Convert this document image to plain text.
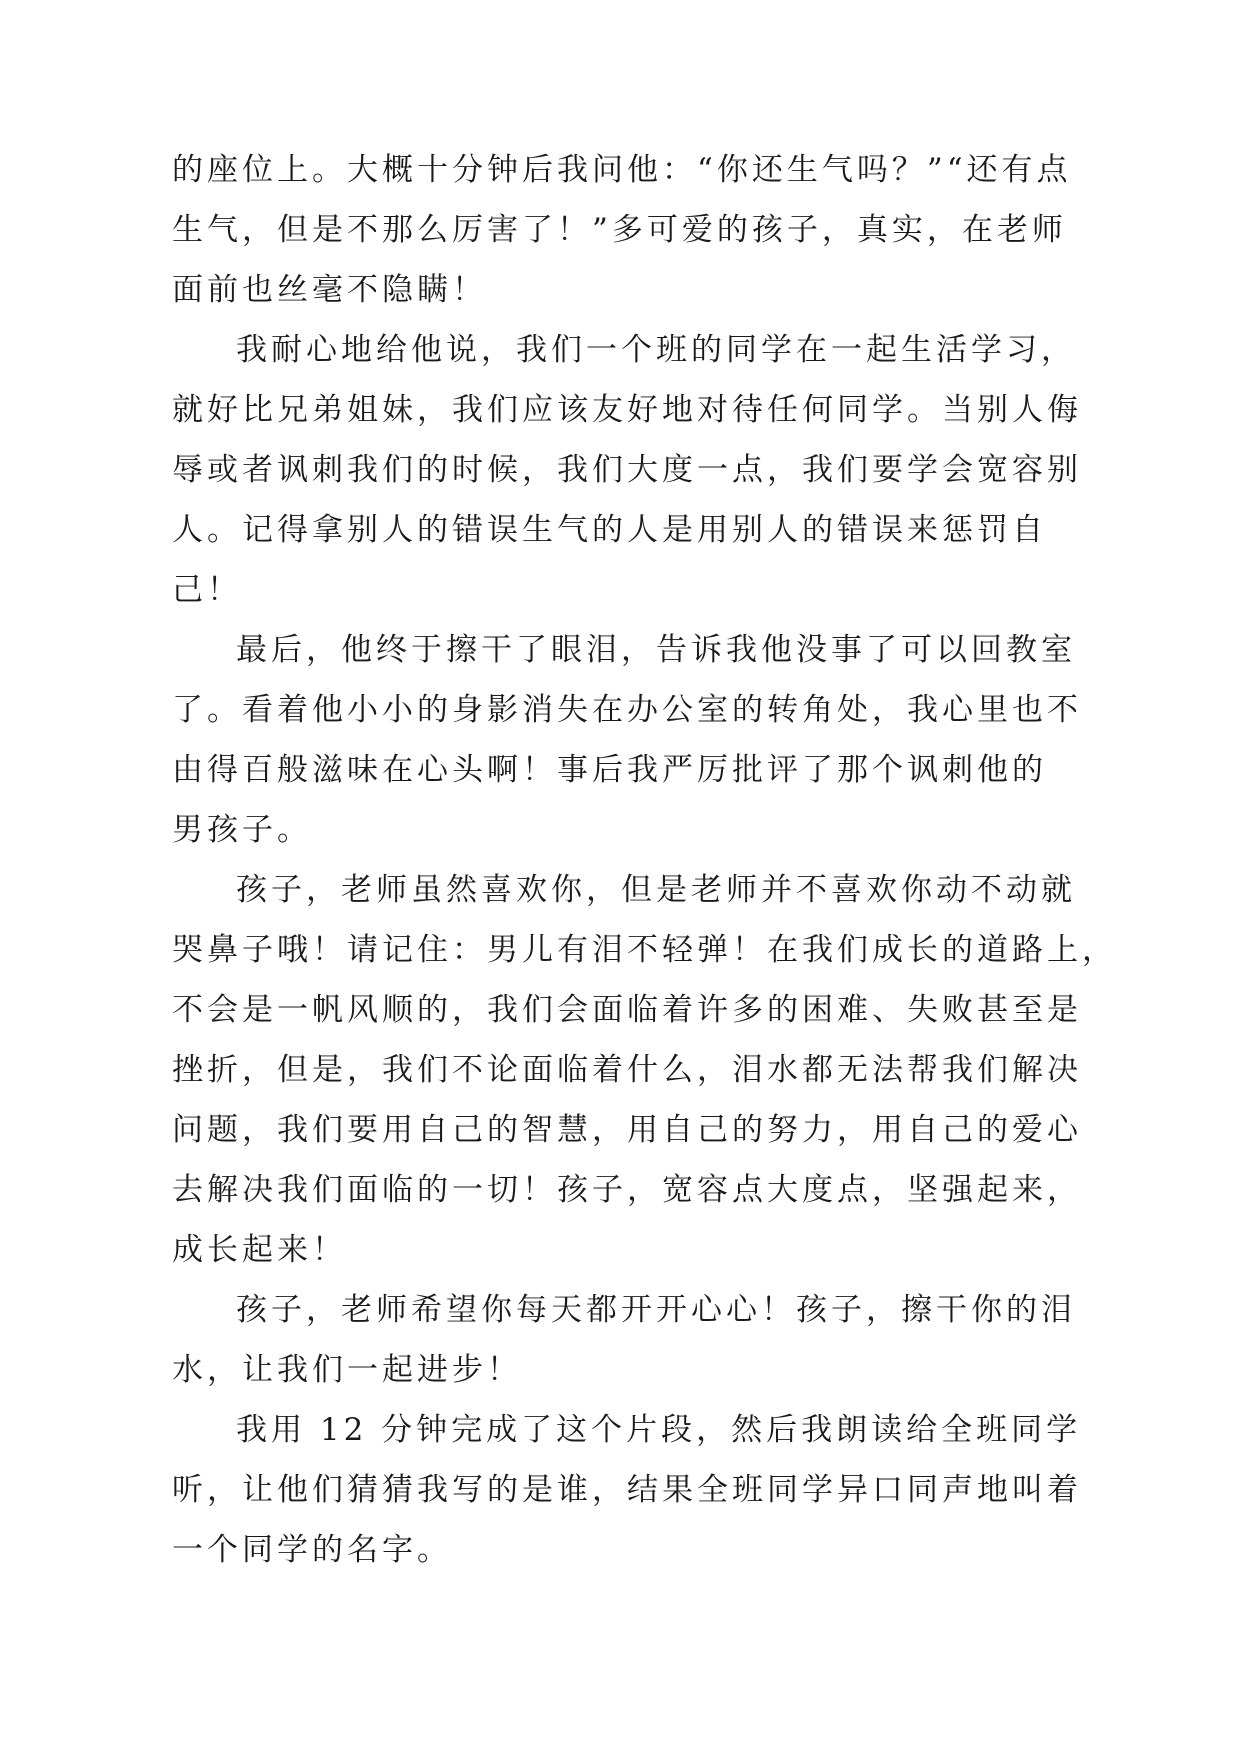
的座位上。大概十分钟后我问他：“你还生气吗？”“还有点
生气，但是不那么厉害了！”多可爱的孩子，真实，在老师
面前也丝毫不隐瞒！

我耐心地给他说，我们一个班的同学在一起生活学习，
就好比兄弟姐妹，我们应该友好地对待任何同学。当别人侮
辱或者讽刺我们的时候，我们大度一点，我们要学会宽容别
人。记得拿别人的错误生气的人是用别人的错误来惩罚自
己！

最后，他终于擦干了眼泪，告诉我他没事了可以回教室
了。看着他小小的身影消失在办公室的转角处，我心里也不
由得百般滋味在心头啊！事后我严厉批评了那个讽刺他的
男孩子。

孩子，老师虽然喜欢你，但是老师并不喜欢你动不动就
哭鼻子哦！请记住：男儿有泪不轻弹！在我们成长的道路上，
不会是一帆风顺的，我们会面临着许多的困难、失败甚至是
挫折，但是，我们不论面临着什么，泪水都无法帮我们解决
问题，我们要用自己的智慧，用自己的努力，用自己的爱心
去解决我们面临的一切！孩子，宽容点大度点，坚强起来，
成长起来！

孩子，老师希望你每天都开开心心！孩子，擦干你的泪
水，让我们一起进步！

我用 12 分钟完成了这个片段，然后我朗读给全班同学
听，让他们猜猜我写的是谁，结果全班同学异口同声地叫着
一个同学的名字。
